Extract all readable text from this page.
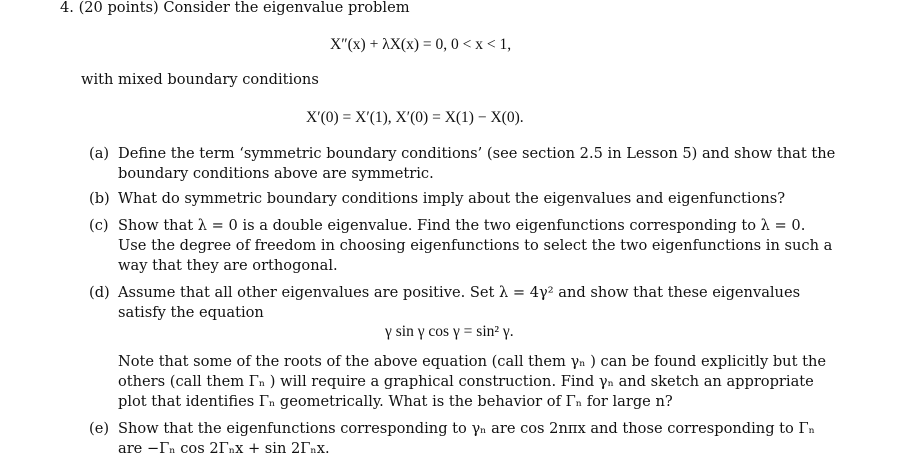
4. (20 points) Consider the eigenvalue problem
X″(x) + λX(x) = 0, 0 < x < 1,
with mixed boundary conditions
X′(0) = X′(1), X′(0) = X(1) − X(0).
(a) Define the term ‘symmetric boundary conditions’ (see section 2.5 in Lesson 5) and show that the
boundary conditions above are symmetric.
(b) What do symmetric boundary conditions imply about the eigenvalues and eigenfunctions?
(c) Show that λ = 0 is a double eigenvalue. Find the two eigenfunctions corresponding to λ = 0.
Use the degree of freedom in choosing eigenfunctions to select the two eigenfunctions in such a
way that they are orthogonal.
(d) Assume that all other eigenvalues are positive. Set λ = 4γ² and show that these eigenvalues
satisfy the equation
γ sin γ cos γ = sin² γ.
Note that some of the roots of the above equation (call them γₙ ) can be found explicitly but the
others (call them Γₙ ) will require a graphical construction. Find γₙ and sketch an appropriate
plot that identifies Γₙ geometrically. What is the behavior of Γₙ for large n?
(e) Show that the eigenfunctions corresponding to γₙ are cos 2nπx and those corresponding to Γₙ
are −Γₙ cos 2Γₙx + sin 2Γₙx.
